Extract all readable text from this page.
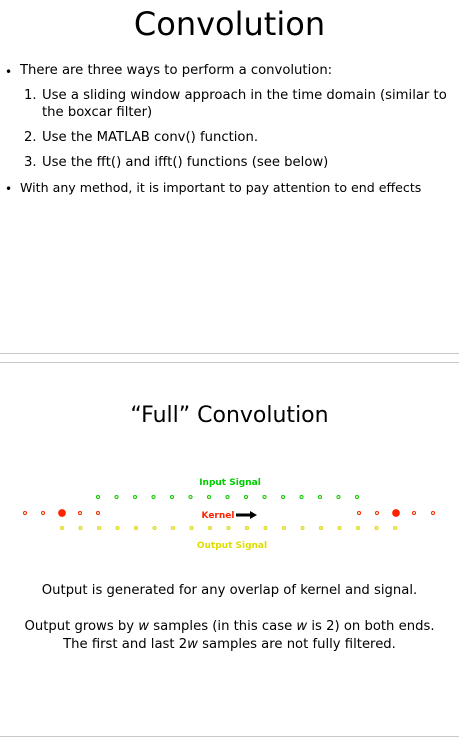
Convolution
• There are three ways to perform a convolution:
1. Use a sliding window approach in the time domain (similar to the boxcar filter)
2. Use the MATLAB conv() function.
3. Use the fft() and ifft() functions (see below)
• With any method, it is important to pay attention to end effects
“Full” Convolution
Input Signal
Kernel
Output Signal

Output is generated for any overlap of kernel and signal.

Output grows by w samples (in this case w is 2) on both ends. The first and last 2w samples are not fully filtered.
